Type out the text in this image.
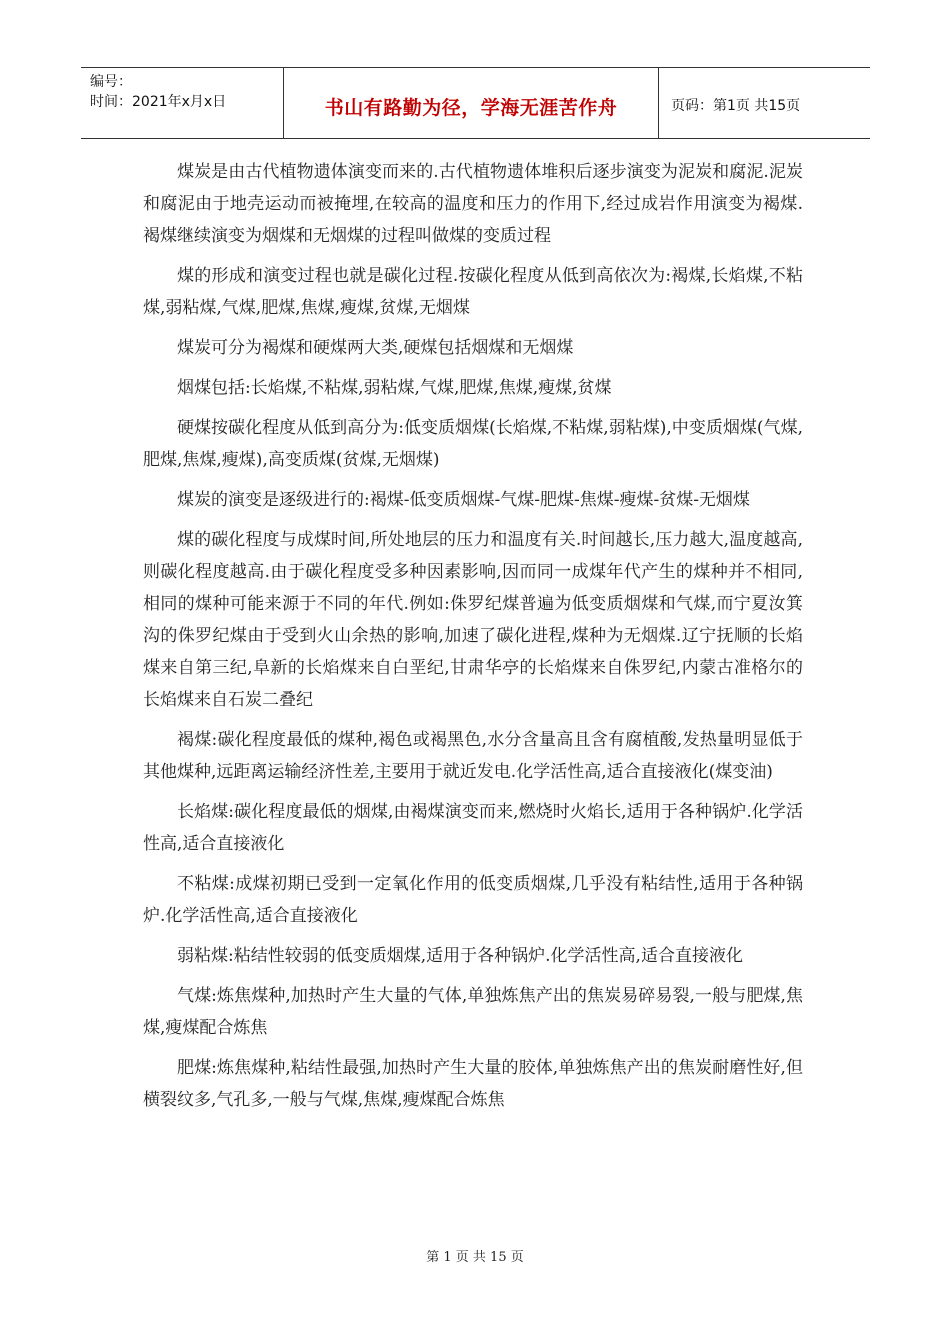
编号：
时间：2021年x月x日	书山有路勤为径，学海无涯苦作舟	页码：第1页 共15页

煤炭是由古代植物遗体演变而来的.古代植物遗体堆积后逐步演变为泥炭和腐泥.泥炭和腐泥由于地壳运动而被掩埋,在较高的温度和压力的作用下,经过成岩作用演变为褐煤.褐煤继续演变为烟煤和无烟煤的过程叫做煤的变质过程

煤的形成和演变过程也就是碳化过程.按碳化程度从低到高依次为:褐煤,长焰煤,不粘煤,弱粘煤,气煤,肥煤,焦煤,瘦煤,贫煤,无烟煤

煤炭可分为褐煤和硬煤两大类,硬煤包括烟煤和无烟煤

烟煤包括:长焰煤,不粘煤,弱粘煤,气煤,肥煤,焦煤,瘦煤,贫煤

硬煤按碳化程度从低到高分为:低变质烟煤(长焰煤,不粘煤,弱粘煤),中变质烟煤(气煤,肥煤,焦煤,瘦煤),高变质煤(贫煤,无烟煤)

煤炭的演变是逐级进行的:褐煤-低变质烟煤-气煤-肥煤-焦煤-瘦煤-贫煤-无烟煤

煤的碳化程度与成煤时间,所处地层的压力和温度有关.时间越长,压力越大,温度越高,则碳化程度越高.由于碳化程度受多种因素影响,因而同一成煤年代产生的煤种并不相同,相同的煤种可能来源于不同的年代.例如:侏罗纪煤普遍为低变质烟煤和气煤,而宁夏汝箕沟的侏罗纪煤由于受到火山余热的影响,加速了碳化进程,煤种为无烟煤.辽宁抚顺的长焰煤来自第三纪,阜新的长焰煤来自白垩纪,甘肃华亭的长焰煤来自侏罗纪,内蒙古准格尔的长焰煤来自石炭二叠纪

褐煤:碳化程度最低的煤种,褐色或褐黑色,水分含量高且含有腐植酸,发热量明显低于其他煤种,远距离运输经济性差,主要用于就近发电.化学活性高,适合直接液化(煤变油)

长焰煤:碳化程度最低的烟煤,由褐煤演变而来,燃烧时火焰长,适用于各种锅炉.化学活性高,适合直接液化

不粘煤:成煤初期已受到一定氧化作用的低变质烟煤,几乎没有粘结性,适用于各种锅炉.化学活性高,适合直接液化

弱粘煤:粘结性较弱的低变质烟煤,适用于各种锅炉.化学活性高,适合直接液化

气煤:炼焦煤种,加热时产生大量的气体,单独炼焦产出的焦炭易碎易裂,一般与肥煤,焦煤,瘦煤配合炼焦

肥煤:炼焦煤种,粘结性最强,加热时产生大量的胶体,单独炼焦产出的焦炭耐磨性好,但横裂纹多,气孔多,一般与气煤,焦煤,瘦煤配合炼焦

第 1 页 共 15 页
